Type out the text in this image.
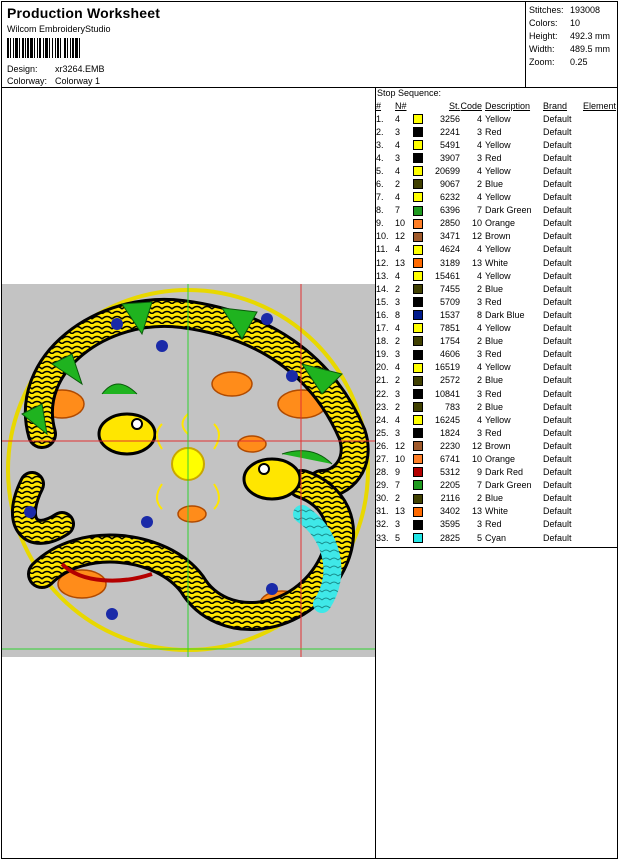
Production Worksheet
Wilcom EmbroideryStudio
Design: xr3264.EMB
Colorway: Colorway 1
Stitches: 193008
Colors: 10
Height: 492.3 mm
Width: 489.5 mm
Zoom: 0.25
Stop Sequence:
#	N#		St.	Code	Description	Brand	Element
1.	4		3256	4	Yellow	Default	
2.	3		2241	3	Red	Default	
3.	4		5491	4	Yellow	Default	
4.	3		3907	3	Red	Default	
5.	4		20699	4	Yellow	Default	
6.	2		9067	2	Blue	Default	
7.	4		6232	4	Yellow	Default	
8.	7		6396	7	Dark Green	Default	
9.	10		2850	10	Orange	Default	
10.	12		3471	12	Brown	Default	
11.	4		4624	4	Yellow	Default	
12.	13		3189	13	White	Default	
13.	4		15461	4	Yellow	Default	
14.	2		7455	2	Blue	Default	
15.	3		5709	3	Red	Default	
16.	8		1537	8	Dark Blue	Default	
17.	4		7851	4	Yellow	Default	
18.	2		1754	2	Blue	Default	
19.	3		4606	3	Red	Default	
20.	4		16519	4	Yellow	Default	
21.	2		2572	2	Blue	Default	
22.	3		10841	3	Red	Default	
23.	2		783	2	Blue	Default	
24.	4		16245	4	Yellow	Default	
25.	3		1824	3	Red	Default	
26.	12		2230	12	Brown	Default	
27.	10		6741	10	Orange	Default	
28.	9		5312	9	Dark Red	Default	
29.	7		2205	7	Dark Green	Default	
30.	2		2116	2	Blue	Default	
31.	13		3402	13	White	Default	
32.	3		3595	3	Red	Default	
33.	5		2825	5	Cyan	Default	
